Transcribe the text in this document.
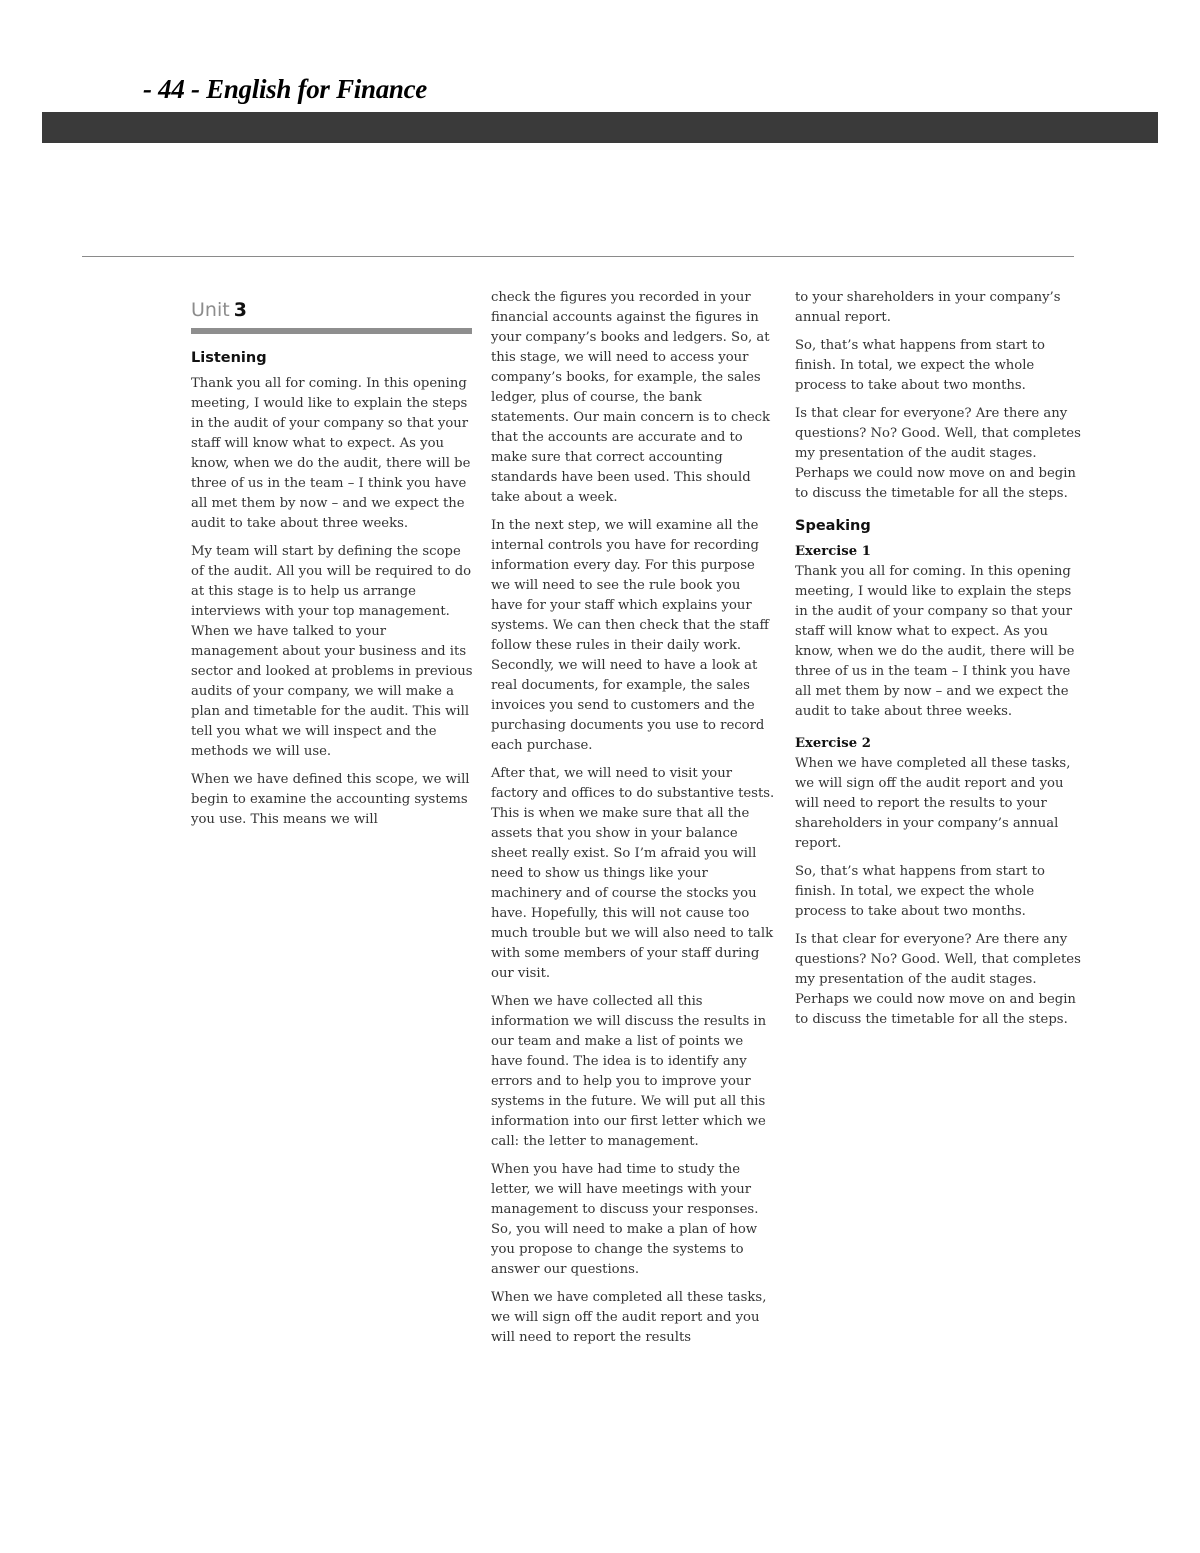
- 44 - English for Finance
Unit 3
Listening

Thank you all for coming. In this opening meeting, I would like to explain the steps in the audit of your company so that your staff will know what to expect. As you know, when we do the audit, there will be three of us in the team – I think you have all met them by now – and we expect the audit to take about three weeks.

My team will start by defining the scope of the audit. All you will be required to do at this stage is to help us arrange interviews with your top management. When we have talked to your management about your business and its sector and looked at problems in previous audits of your company, we will make a plan and timetable for the audit. This will tell you what we will inspect and the methods we will use.

When we have defined this scope, we will begin to examine the accounting systems you use. This means we will

check the figures you recorded in your financial accounts against the figures in your company’s books and ledgers. So, at this stage, we will need to access your company’s books, for example, the sales ledger, plus of course, the bank statements. Our main concern is to check that the accounts are accurate and to make sure that correct accounting standards have been used. This should take about a week.

In the next step, we will examine all the internal controls you have for recording information every day. For this purpose we will need to see the rule book you have for your staff which explains your systems. We can then check that the staff follow these rules in their daily work. Secondly, we will need to have a look at real documents, for example, the sales invoices you send to customers and the purchasing documents you use to record each purchase.

After that, we will need to visit your factory and offices to do substantive tests. This is when we make sure that all the assets that you show in your balance sheet really exist. So I’m afraid you will need to show us things like your machinery and of course the stocks you have. Hopefully, this will not cause too much trouble but we will also need to talk with some members of your staff during our visit.

When we have collected all this information we will discuss the results in our team and make a list of points we have found. The idea is to identify any errors and to help you to improve your systems in the future. We will put all this information into our first letter which we call: the letter to management.

When you have had time to study the letter, we will have meetings with your management to discuss your responses. So, you will need to make a plan of how you propose to change the systems to answer our questions.

When we have completed all these tasks, we will sign off the audit report and you will need to report the results

to your shareholders in your company’s annual report.

So, that’s what happens from start to finish. In total, we expect the whole process to take about two months.

Is that clear for everyone? Are there any questions? No? Good. Well, that completes my presentation of the audit stages. Perhaps we could now move on and begin to discuss the timetable for all the steps.

Speaking
Exercise 1

Thank you all for coming. In this opening meeting, I would like to explain the steps in the audit of your company so that your staff will know what to expect. As you know, when we do the audit, there will be three of us in the team – I think you have all met them by now – and we expect the audit to take about three weeks.

Exercise 2

When we have completed all these tasks, we will sign off the audit report and you will need to report the results to your shareholders in your company’s annual report.

So, that’s what happens from start to finish. In total, we expect the whole process to take about two months.

Is that clear for everyone? Are there any questions? No? Good. Well, that completes my presentation of the audit stages. Perhaps we could now move on and begin to discuss the timetable for all the steps.
